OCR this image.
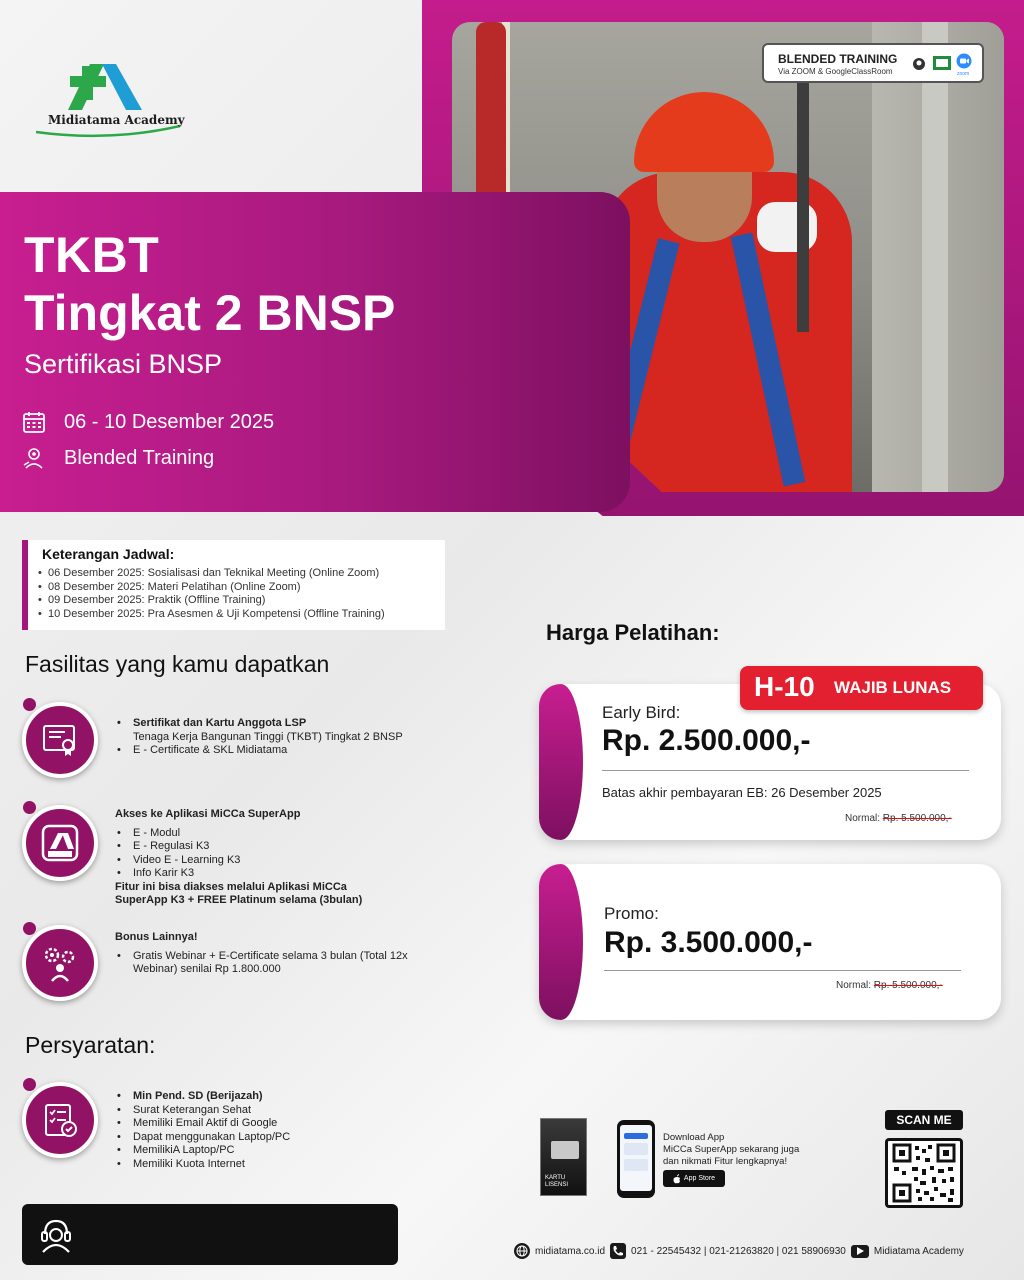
Midiatama Academy
BLENDED TRAINING
Via ZOOM & GoogleClassRoom	zoom
TKBT
Tingkat 2 BNSP
Sertifikasi BNSP
06 - 10 Desember 2025
Blended Training
Keterangan Jadwal:
• 06 Desember 2025: Sosialisasi dan Teknikal Meeting (Online Zoom)
• 08 Desember 2025: Materi Pelatihan (Online Zoom)
• 09 Desember 2025: Praktik (Offline Training)
• 10 Desember 2025: Pra Asesmen & Uji Kompetensi (Offline Training)
Fasilitas yang kamu dapatkan
• Sertifikat dan Kartu Anggota LSP
Tenaga Kerja Bangunan Tinggi (TKBT) Tingkat 2 BNSP
• E - Certificate & SKL Midiatama
PRO
Akses ke Aplikasi MiCCa SuperApp
• E - Modul
• E - Regulasi K3
• Video E - Learning K3
• Info Karir K3
Fitur ini bisa diakses melalui Aplikasi MiCCa
SuperApp K3 + FREE Platinum selama (3bulan)
Bonus Lainnya!
• Gratis Webinar + E-Certificate selama 3 bulan (Total 12x
Webinar) senilai Rp 1.800.000
Persyaratan:
• Min Pend. SD (Berijazah)
• Surat Keterangan Sehat
• Memiliki Email Aktif di Google
• Dapat menggunakan Laptop/PC
• MemilikiA Laptop/PC
• Memiliki Kuota Internet
Harga Pelatihan:
Early Bird:
Rp. 2.500.000,-
Batas akhir pembayaran EB: 26 Desember 2025
Normal: Rp. 5.500.000,-
H-10 WAJIB LUNAS
Promo:
Rp. 3.500.000,-
Normal: Rp. 5.500.000,-
KARTU
LISENSI
Download App
MiCCa SuperApp sekarang juga
dan nikmati Fitur lengkapnya!
App Store
SCAN ME
midiatama.co.id	021 - 22545432 | 021-21263820 | 021 58906930	Midiatama Academy
